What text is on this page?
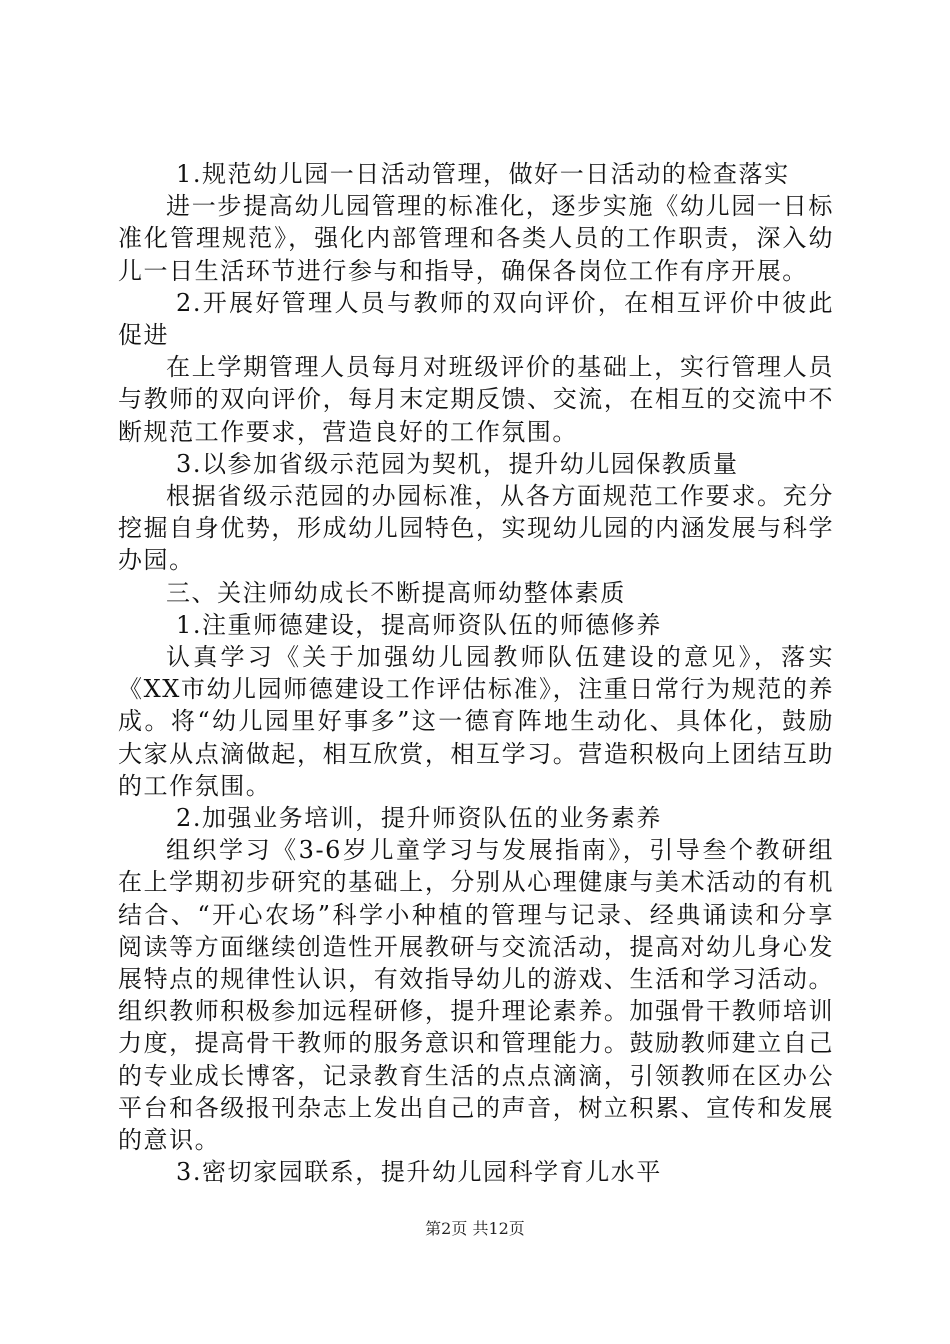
1.规范幼儿园一日活动管理，做好一日活动的检查落实

进一步提高幼儿园管理的标准化，逐步实施《幼儿园一日标准化管理规范》，强化内部管理和各类人员的工作职责，深入幼儿一日生活环节进行参与和指导，确保各岗位工作有序开展。

2.开展好管理人员与教师的双向评价，在相互评价中彼此促进

在上学期管理人员每月对班级评价的基础上，实行管理人员与教师的双向评价，每月末定期反馈、交流，在相互的交流中不断规范工作要求，营造良好的工作氛围。

3.以参加省级示范园为契机，提升幼儿园保教质量

根据省级示范园的办园标准，从各方面规范工作要求。充分挖掘自身优势，形成幼儿园特色，实现幼儿园的内涵发展与科学办园。

三、关注师幼成长不断提高师幼整体素质

1.注重师德建设，提高师资队伍的师德修养

认真学习《关于加强幼儿园教师队伍建设的意见》，落实《XX市幼儿园师德建设工作评估标准》，注重日常行为规范的养成。将“幼儿园里好事多”这一德育阵地生动化、具体化，鼓励大家从点滴做起，相互欣赏，相互学习。营造积极向上团结互助的工作氛围。

2.加强业务培训，提升师资队伍的业务素养

组织学习《3-6岁儿童学习与发展指南》，引导叁个教研组在上学期初步研究的基础上，分别从心理健康与美术活动的有机结合、“开心农场”科学小种植的管理与记录、经典诵读和分享阅读等方面继续创造性开展教研与交流活动，提高对幼儿身心发展特点的规律性认识，有效指导幼儿的游戏、生活和学习活动。组织教师积极参加远程研修，提升理论素养。加强骨干教师培训力度，提高骨干教师的服务意识和管理能力。鼓励教师建立自己的专业成长博客，记录教育生活的点点滴滴，引领教师在区办公平台和各级报刊杂志上发出自己的声音，树立积累、宣传和发展的意识。

3.密切家园联系，提升幼儿园科学育儿水平

第2页 共12页
